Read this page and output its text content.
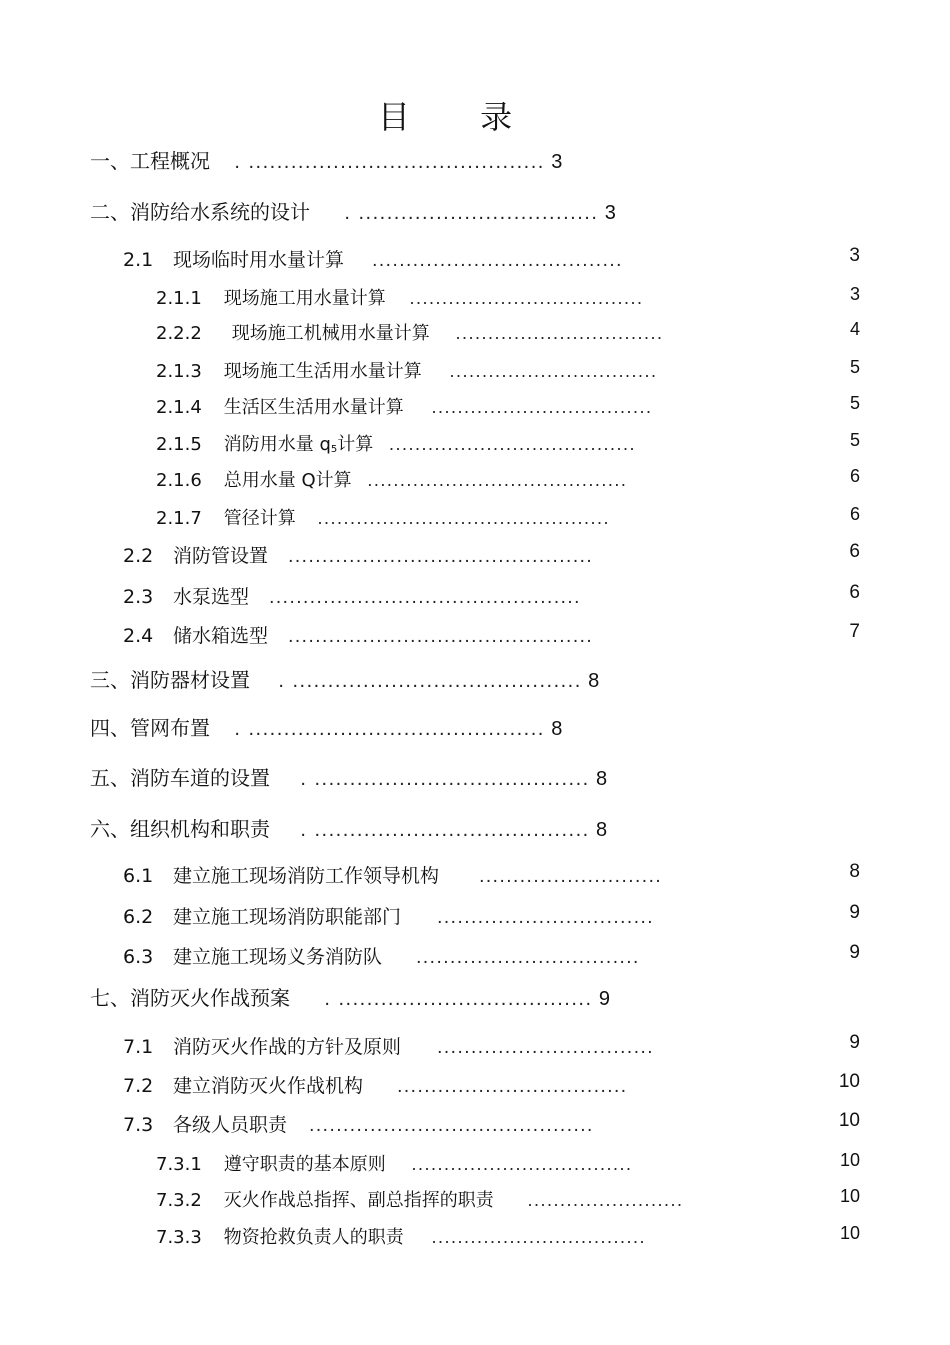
目 录
一、工程概况 . .......................................... 3
二、消防给水系统的设计 . .................................. 3
2.1 现场临时用水量计算 .....................................	3
2.1.1 现场施工用水量计算 ....................................	3
2.2.2 现场施工机械用水量计算 ................................	4
2.1.3 现场施工生活用水量计算 ................................	5
2.1.4 生活区生活用水量计算 ..................................	5
2.1.5 消防用水量 $q_5$计算 ......................................	5
2.1.6 总用水量 Q计算 ........................................	6
2.1.7 管径计算 .............................................	6
2.2 消防管设置 .............................................	6
2.3 水泵选型 ..............................................	6
2.4 储水箱选型 .............................................	7
三、消防器材设置 . ......................................... 8
四、管网布置 . .......................................... 8
五、消防车道的设置 . ....................................... 8
六、组织机构和职责 . ....................................... 8
6.1 建立施工现场消防工作领导机构 ...........................	8
6.2 建立施工现场消防职能部门 ................................	9
6.3 建立施工现场义务消防队 .................................	9
七、消防灭火作战预案 . .................................... 9
7.1 消防灭火作战的方针及原则 ................................	9
7.2 建立消防灭火作战机构 ..................................	10
7.3 各级人员职责 ..........................................	10
7.3.1 遵守职责的基本原则 ..................................	10
7.3.2 灭火作战总指挥、副总指挥的职责 ........................	10
7.3.3 物资抢救负责人的职责 .................................	10
